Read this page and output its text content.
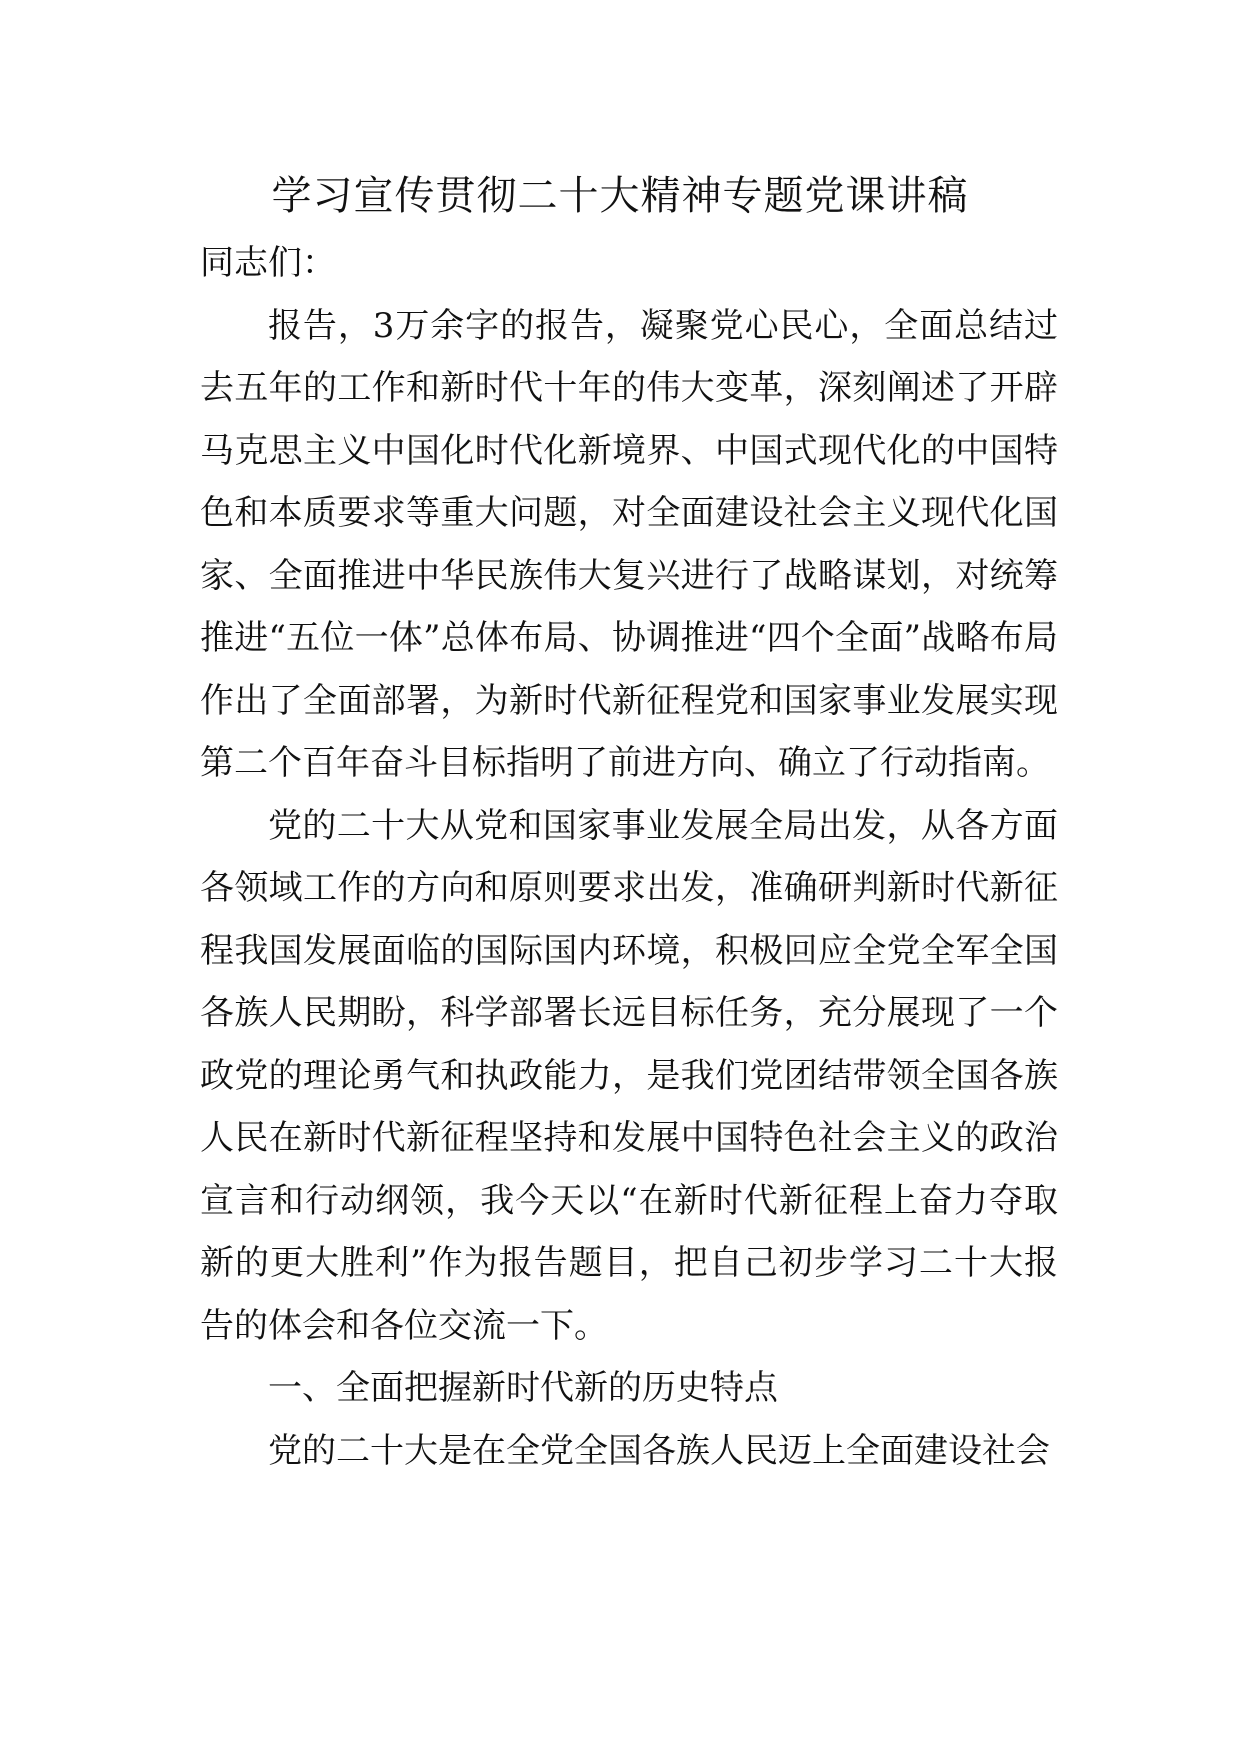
学习宣传贯彻二十大精神专题党课讲稿

同志们：

报告，3万余字的报告，凝聚党心民心，全面总结过去五年的工作和新时代十年的伟大变革，深刻阐述了开辟马克思主义中国化时代化新境界、中国式现代化的中国特色和本质要求等重大问题，对全面建设社会主义现代化国家、全面推进中华民族伟大复兴进行了战略谋划，对统筹推进“五位一体”总体布局、协调推进“四个全面”战略布局作出了全面部署，为新时代新征程党和国家事业发展实现第二个百年奋斗目标指明了前进方向、确立了行动指南。

党的二十大从党和国家事业发展全局出发，从各方面各领域工作的方向和原则要求出发，准确研判新时代新征程我国发展面临的国际国内环境，积极回应全党全军全国各族人民期盼，科学部署长远目标任务，充分展现了一个政党的理论勇气和执政能力，是我们党团结带领全国各族人民在新时代新征程坚持和发展中国特色社会主义的政治宣言和行动纲领，我今天以“在新时代新征程上奋力夺取新的更大胜利”作为报告题目，把自己初步学习二十大报告的体会和各位交流一下。

一、全面把握新时代新的历史特点

党的二十大是在全党全国各族人民迈上全面建设社会
